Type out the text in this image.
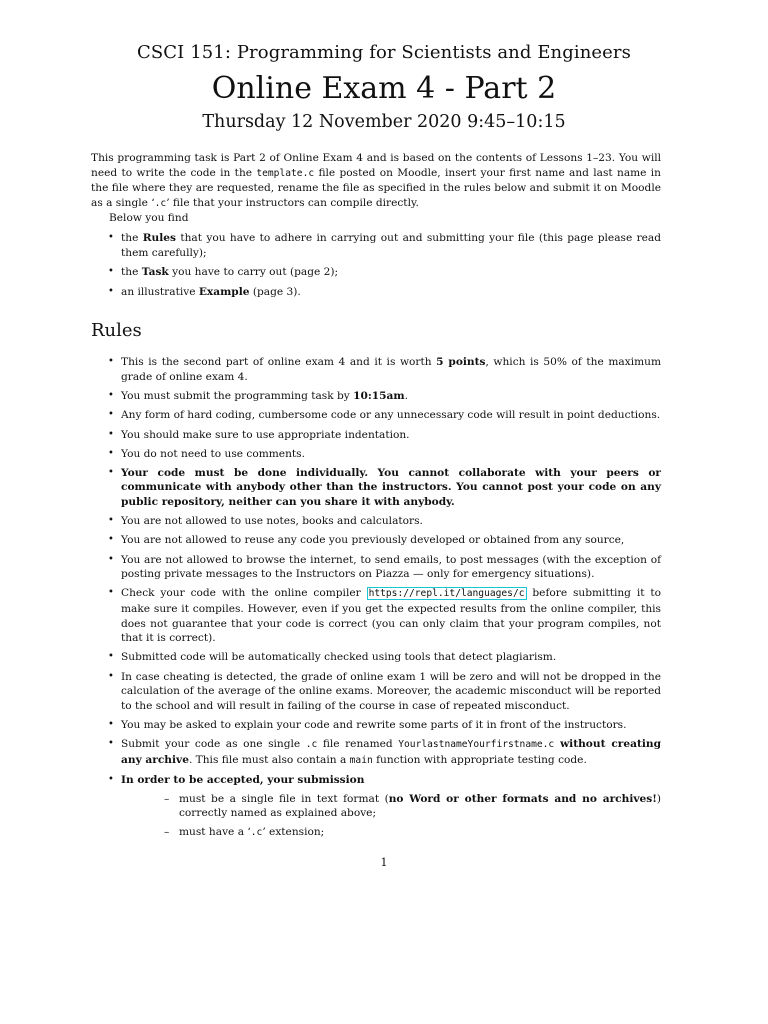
CSCI 151: Programming for Scientists and Engineers
Online Exam 4 - Part 2
Thursday 12 November 2020 9:45–10:15

This programming task is Part 2 of Online Exam 4 and is based on the contents of Lessons 1–23. You will need to write the code in the template.c file posted on Moodle, insert your first name and last name in the file where they are requested, rename the file as specified in the rules below and submit it on Moodle as a single ‘.c’ file that your instructors can compile directly.

Below you find

• the Rules that you have to adhere in carrying out and submitting your file (this page please read them carefully);
• the Task you have to carry out (page 2);
• an illustrative Example (page 3).
Rules
• This is the second part of online exam 4 and it is worth 5 points, which is 50% of the maximum grade of online exam 4.
• You must submit the programming task by 10:15am.
• Any form of hard coding, cumbersome code or any unnecessary code will result in point deductions.
• You should make sure to use appropriate indentation.
• You do not need to use comments.
• Your code must be done individually. You cannot collaborate with your peers or communicate with anybody other than the instructors. You cannot post your code on any public repository, neither can you share it with anybody.
• You are not allowed to use notes, books and calculators.
• You are not allowed to reuse any code you previously developed or obtained from any source,
• You are not allowed to browse the internet, to send emails, to post messages (with the exception of posting private messages to the Instructors on Piazza — only for emergency situations).
• Check your code with the online compiler https://repl.it/languages/c before submitting it to make sure it compiles. However, even if you get the expected results from the online compiler, this does not guarantee that your code is correct (you can only claim that your program compiles, not that it is correct).
• Submitted code will be automatically checked using tools that detect plagiarism.
• In case cheating is detected, the grade of online exam 1 will be zero and will not be dropped in the calculation of the average of the online exams. Moreover, the academic misconduct will be reported to the school and will result in failing of the course in case of repeated misconduct.
• You may be asked to explain your code and rewrite some parts of it in front of the instructors.
• Submit your code as one single .c file renamed YourlastnameYourfirstname.c without creating any archive. This file must also contain a main function with appropriate testing code.
• In order to be accepted, your submission
– must be a single file in text format (no Word or other formats and no archives!) correctly named as explained above;
– must have a ‘.c’ extension;
1
